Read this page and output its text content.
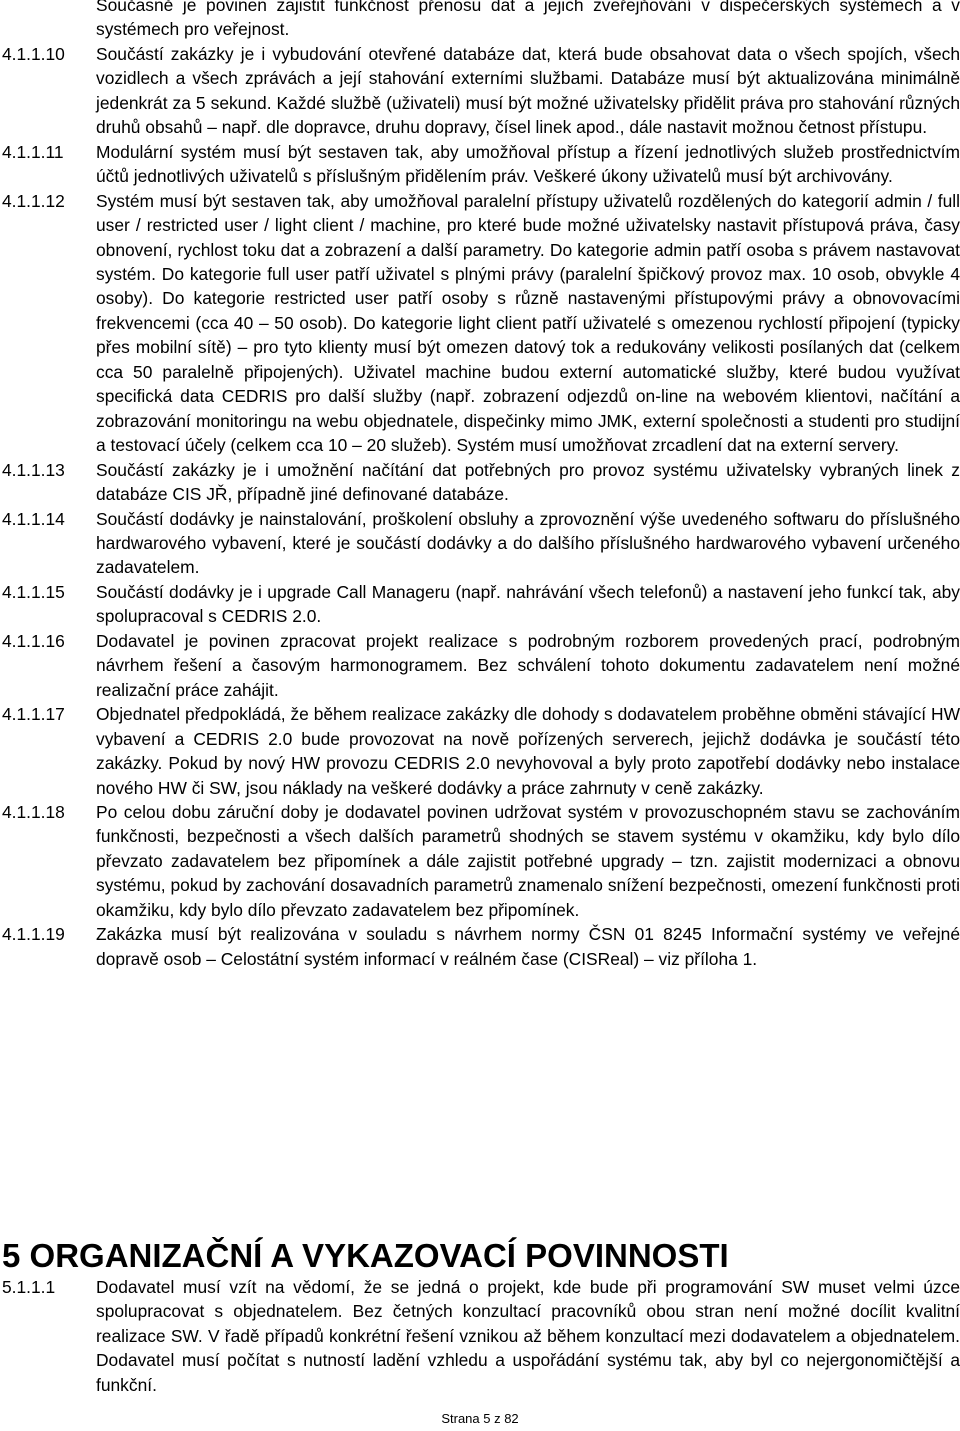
Současně je povinen zajistit funkčnost přenosu dat a jejich zveřejňování v dispečerských systémech a v systémech pro veřejnost.
4.1.1.10 Součástí zakázky je i vybudování otevřené databáze dat, která bude obsahovat data o všech spojích, všech vozidlech a všech zprávách a její stahování externími službami. Databáze musí být aktualizována minimálně jedenkrát za 5 sekund. Každé službě (uživateli) musí být možné uživatelsky přidělit práva pro stahování různých druhů obsahů – např. dle dopravce, druhu dopravy, čísel linek apod., dále nastavit možnou četnost přístupu.
4.1.1.11 Modulární systém musí být sestaven tak, aby umožňoval přístup a řízení jednotlivých služeb prostřednictvím účtů jednotlivých uživatelů s příslušným přidělením práv. Veškeré úkony uživatelů musí být archivovány.
4.1.1.12 Systém musí být sestaven tak, aby umožňoval paralelní přístupy uživatelů rozdělených do kategorií admin / full user / restricted user / light client / machine, pro které bude možné uživatelsky nastavit přístupová práva, časy obnovení, rychlost toku dat a zobrazení a další parametry. Do kategorie admin patří osoba s právem nastavovat systém. Do kategorie full user patří uživatel s plnými právy (paralelní špičkový provoz max. 10 osob, obvykle 4 osoby). Do kategorie restricted user patří osoby s různě nastavenými přístupovými právy a obnovovacími frekvencemi (cca 40 – 50 osob). Do kategorie light client patří uživatelé s omezenou rychlostí připojení (typicky přes mobilní sítě) – pro tyto klienty musí být omezen datový tok a redukovány velikosti posílaných dat (celkem cca 50 paralelně připojených). Uživatel machine budou externí automatické služby, které budou využívat specifická data CEDRIS pro další služby (např. zobrazení odjezdů on-line na webovém klientovi, načítání a zobrazování monitoringu na webu objednatele, dispečinky mimo JMK, externí společnosti a studenti pro studijní a testovací účely (celkem cca 10 – 20 služeb). Systém musí umožňovat zrcadlení dat na externí servery.
4.1.1.13 Součástí zakázky je i umožnění načítání dat potřebných pro provoz systému uživatelsky vybraných linek z databáze CIS JŘ, případně jiné definované databáze.
4.1.1.14 Součástí dodávky je nainstalování, proškolení obsluhy a zprovoznění výše uvedeného softwaru do příslušného hardwarového vybavení, které je součástí dodávky a do dalšího příslušného hardwarového vybavení určeného zadavatelem.
4.1.1.15 Součástí dodávky je i upgrade Call Manageru (např. nahrávání všech telefonů) a nastavení jeho funkcí tak, aby spolupracoval s CEDRIS 2.0.
4.1.1.16 Dodavatel je povinen zpracovat projekt realizace s podrobným rozborem provedených prací, podrobným návrhem řešení a časovým harmonogramem. Bez schválení tohoto dokumentu zadavatelem není možné realizační práce zahájit.
4.1.1.17 Objednatel předpokládá, že během realizace zakázky dle dohody s dodavatelem proběhne obměni stávající HW vybavení a CEDRIS 2.0 bude provozovat na nově pořízených serverech, jejichž dodávka je součástí této zakázky. Pokud by nový HW provozu CEDRIS 2.0 nevyhovoval a byly proto zapotřebí dodávky nebo instalace nového HW či SW, jsou náklady na veškeré dodávky a práce zahrnuty v ceně zakázky.
4.1.1.18 Po celou dobu záruční doby je dodavatel povinen udržovat systém v provozuschopném stavu se zachováním funkčnosti, bezpečnosti a všech dalších parametrů shodných se stavem systému v okamžiku, kdy bylo dílo převzato zadavatelem bez připomínek a dále zajistit potřebné upgrady – tzn. zajistit modernizaci a obnovu systému, pokud by zachování dosavadních parametrů znamenalo snížení bezpečnosti, omezení funkčnosti proti okamžiku, kdy bylo dílo převzato zadavatelem bez připomínek.
4.1.1.19 Zakázka musí být realizována v souladu s návrhem normy ČSN 01 8245 Informační systémy ve veřejné dopravě osob – Celostátní systém informací v reálném čase (CISReal) – viz příloha 1.
5 ORGANIZAČNÍ A VYKAZOVACÍ POVINNOSTI
5.1.1.1 Dodavatel musí vzít na vědomí, že se jedná o projekt, kde bude při programování SW muset velmi úzce spolupracovat s objednatelem. Bez četných konzultací pracovníků obou stran není možné docílit kvalitní realizace SW. V řadě případů konkrétní řešení vznikou až během konzultací mezi dodavatelem a objednatelem. Dodavatel musí počítat s nutností ladění vzhledu a uspořádání systému tak, aby byl co nejergonomičtější a funkční.
Strana 5 z 82
